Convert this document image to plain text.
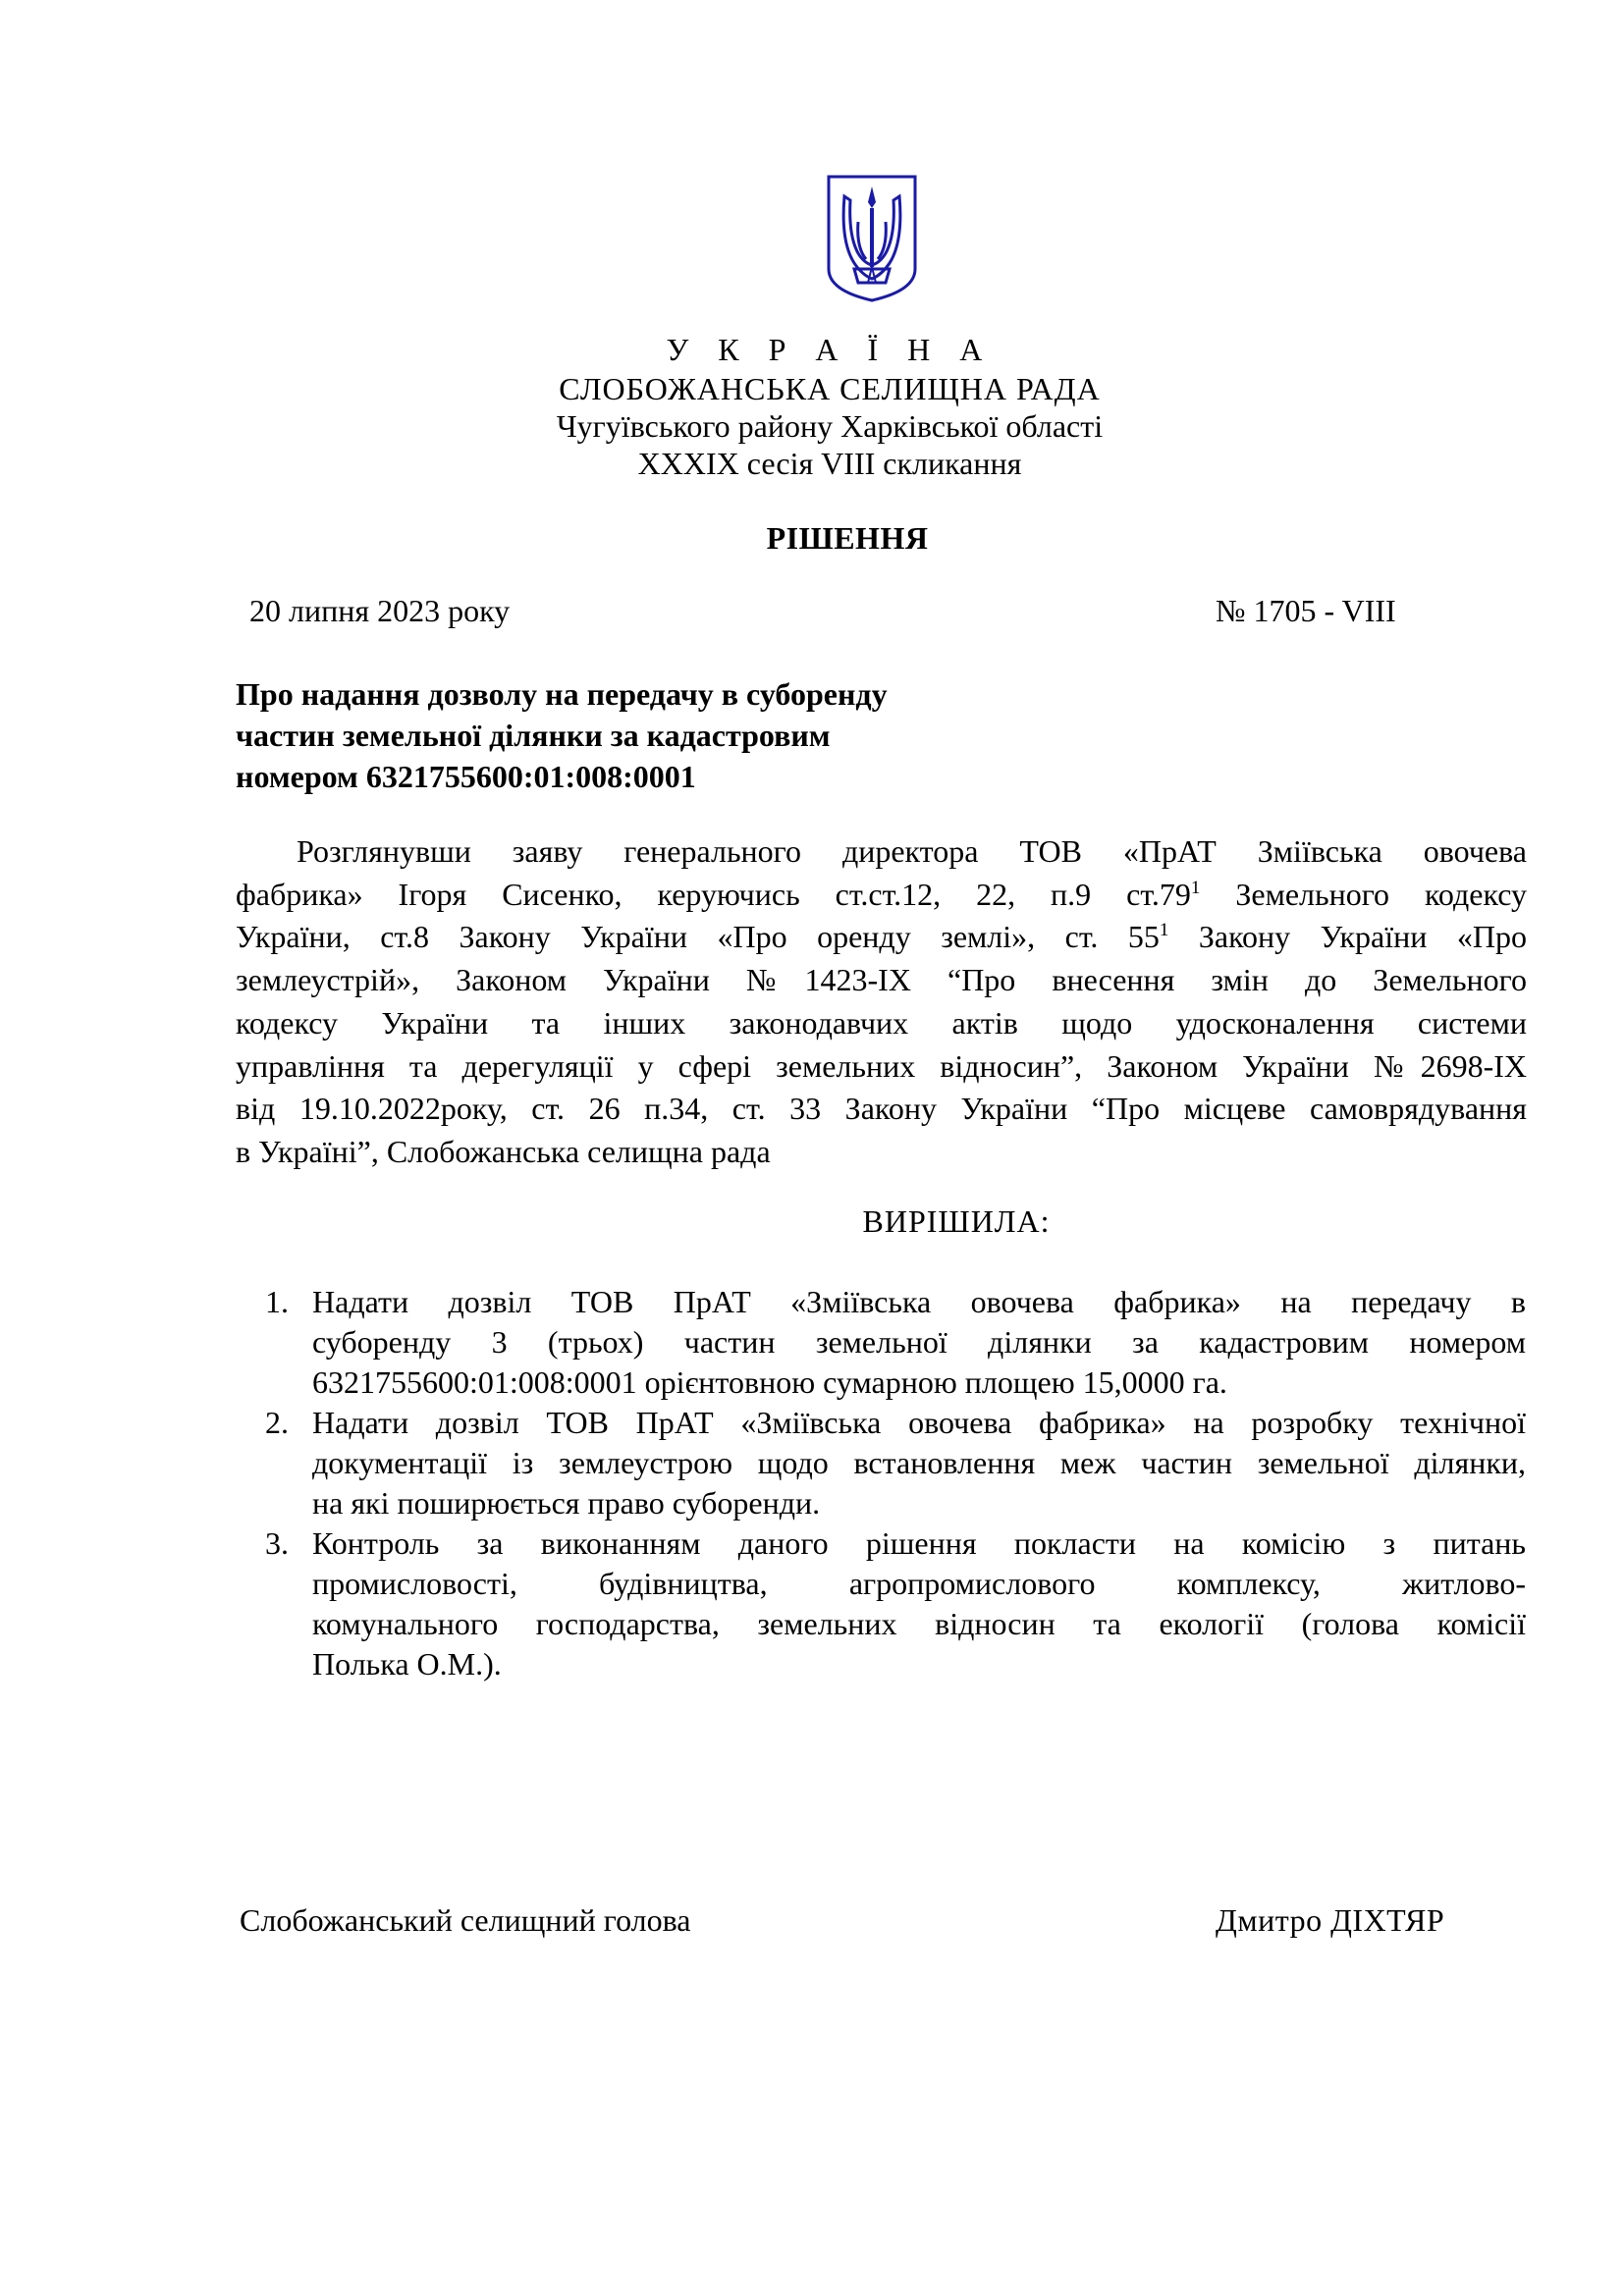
У К Р А Ї Н А
СЛОБОЖАНСЬКА СЕЛИЩНА РАДА
Чугуївського району Харківської області
XXXIX сесія VIII скликання
РІШЕННЯ
20 липня 2023 року	№ 1705 - VIII
Про надання дозволу на передачу в суборенду
частин земельної ділянки за кадастровим
номером 6321755600:01:008:0001
Розглянувши заяву генерального директора ТОВ «ПрАТ Зміївська овочева
фабрика» Ігоря Сисенко, керуючись ст.ст.12, 22, п.9 $ст.79^1$ Земельного кодексу
України, ст.8 Закону України «Про оренду землі», ст. $55^1$ Закону України «Про
землеустрій», Законом України №1423-IX “Про внесення змін до Земельного
кодексу України та інших законодавчих актів щодо удосконалення системи
управління та дерегуляції у сфері земельних відносин”, Законом України №2698-IX
від 19.10.2022року, ст. 26 п.34, ст. 33 Закону України “Про місцеве самоврядування
в Україні”, Слобожанська селищна рада
ВИРІШИЛА:
1. Надати дозвіл ТОВ ПрАТ «Зміївська овочева фабрика» на передачу в
суборенду 3 (трьох) частин земельної ділянки за кадастровим номером
6321755600:01:008:0001 орієнтовною сумарною площею 15,0000 га.
2. Надати дозвіл ТОВ ПрАТ «Зміївська овочева фабрика» на розробку технічної
документації із землеустрою щодо встановлення меж частин земельної ділянки,
на які поширюється право суборенди.
3. Контроль за виконанням даного рішення покласти на комісію з питань
промисловості, будівництва, агропромислового комплексу, житлово-
комунального господарства, земельних відносин та екології (голова комісії
Полька О.М.).
Слобожанський селищний голова	Дмитро ДІХТЯР
